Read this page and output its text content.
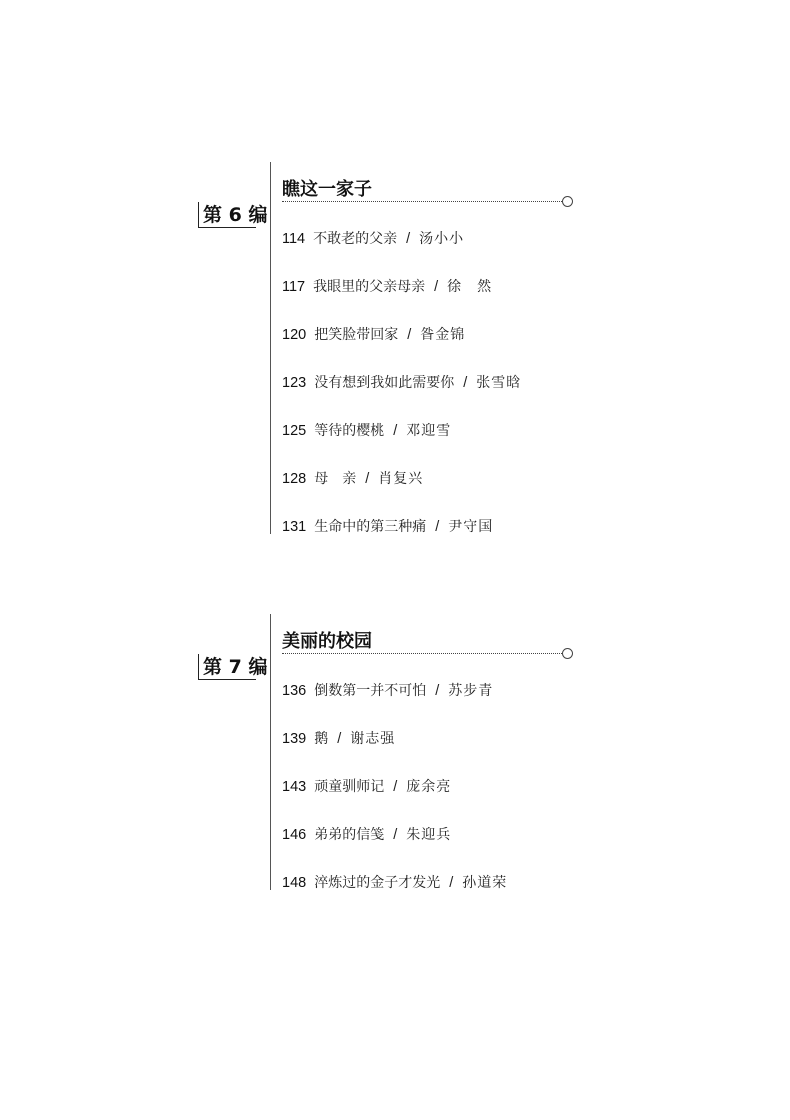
第 6 编
瞧这一家子
114 不敢老的父亲 / 汤小小
117 我眼里的父亲母亲 / 徐　然
120 把笑脸带回家 / 昝金锦
123 没有想到我如此需要你 / 张雪晗
125 等待的樱桃 / 邓迎雪
128 母　亲 / 肖复兴
131 生命中的第三种痛 / 尹守国
第 7 编
美丽的校园
136 倒数第一并不可怕 / 苏步青
139 鹅 / 谢志强
143 顽童驯师记 / 庞余亮
146 弟弟的信笺 / 朱迎兵
148 淬炼过的金子才发光 / 孙道荣
